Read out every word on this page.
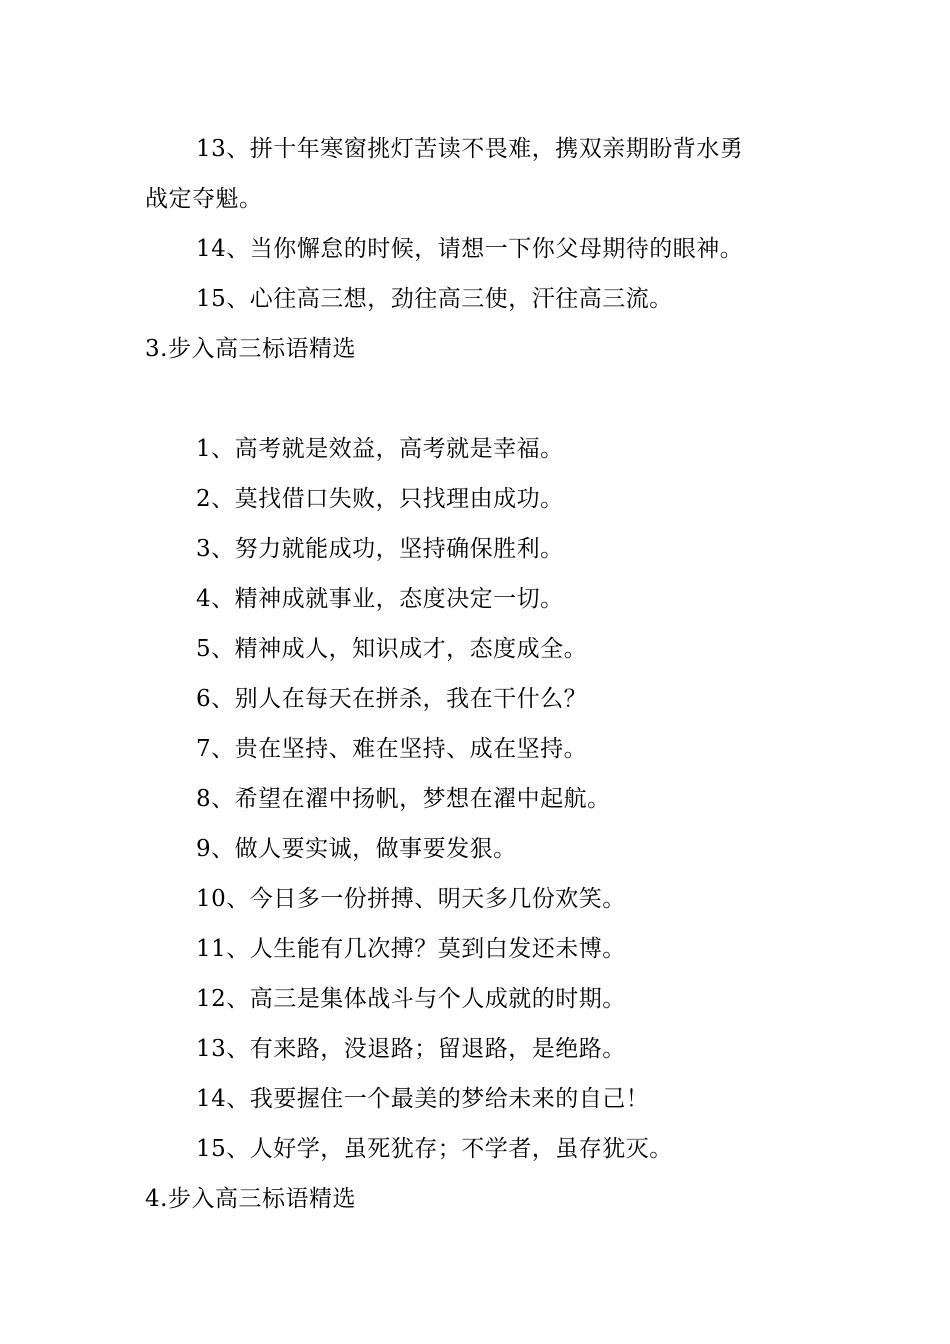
13、拼十年寒窗挑灯苦读不畏难，携双亲期盼背水勇
战定夺魁。
14、当你懈怠的时候，请想一下你父母期待的眼神。
15、心往高三想，劲往高三使，汗往高三流。
3.步入高三标语精选
1、高考就是效益，高考就是幸福。
2、莫找借口失败，只找理由成功。
3、努力就能成功，坚持确保胜利。
4、精神成就事业，态度决定一切。
5、精神成人，知识成才，态度成全。
6、别人在每天在拼杀，我在干什么？
7、贵在坚持、难在坚持、成在坚持。
8、希望在濯中扬帆，梦想在濯中起航。
9、做人要实诚，做事要发狠。
10、今日多一份拼搏、明天多几份欢笑。
11、人生能有几次搏？莫到白发还未博。
12、高三是集体战斗与个人成就的时期。
13、有来路，没退路；留退路，是绝路。
14、我要握住一个最美的梦给未来的自己！
15、人好学，虽死犹存；不学者，虽存犹灭。
4.步入高三标语精选
